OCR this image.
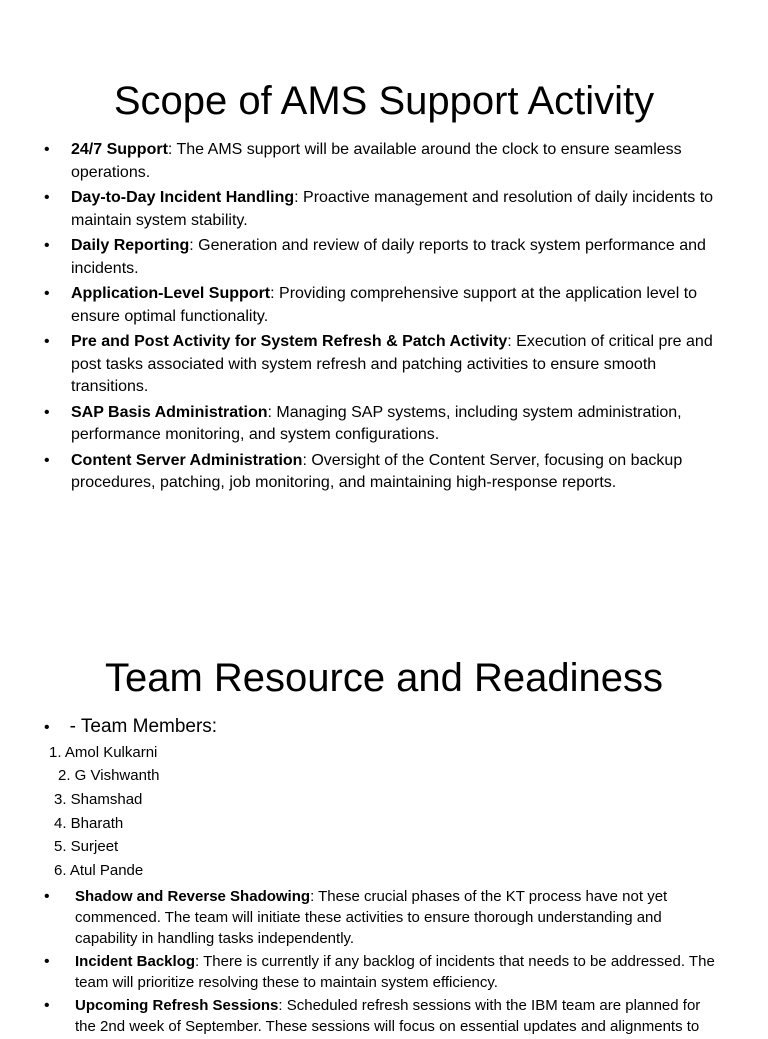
Scope of AMS Support Activity
• 24/7 Support: The AMS support will be available around the clock to ensure seamless operations.
• Day-to-Day Incident Handling: Proactive management and resolution of daily incidents to maintain system stability.
• Daily Reporting: Generation and review of daily reports to track system performance and incidents.
• Application-Level Support: Providing comprehensive support at the application level to ensure optimal functionality.
• Pre and Post Activity for System Refresh & Patch Activity: Execution of critical pre and post tasks associated with system refresh and patching activities to ensure smooth transitions.
• SAP Basis Administration: Managing SAP systems, including system administration, performance monitoring, and system configurations.
• Content Server Administration: Oversight of the Content Server, focusing on backup procedures, patching, job monitoring, and maintaining high-response reports.
Team Resource and Readiness
• - Team Members:
1. Amol Kulkarni
2. G Vishwanth
3. Shamshad
4. Bharath
5. Surjeet
6. Atul Pande
• Shadow and Reverse Shadowing: These crucial phases of the KT process have not yet commenced. The team will initiate these activities to ensure thorough understanding and capability in handling tasks independently.
• Incident Backlog: There is currently if any backlog of incidents that needs to be addressed. The team will prioritize resolving these to maintain system efficiency.
• Upcoming Refresh Sessions: Scheduled refresh sessions with the IBM team are planned for the 2nd week of September. These sessions will focus on essential updates and alignments to
